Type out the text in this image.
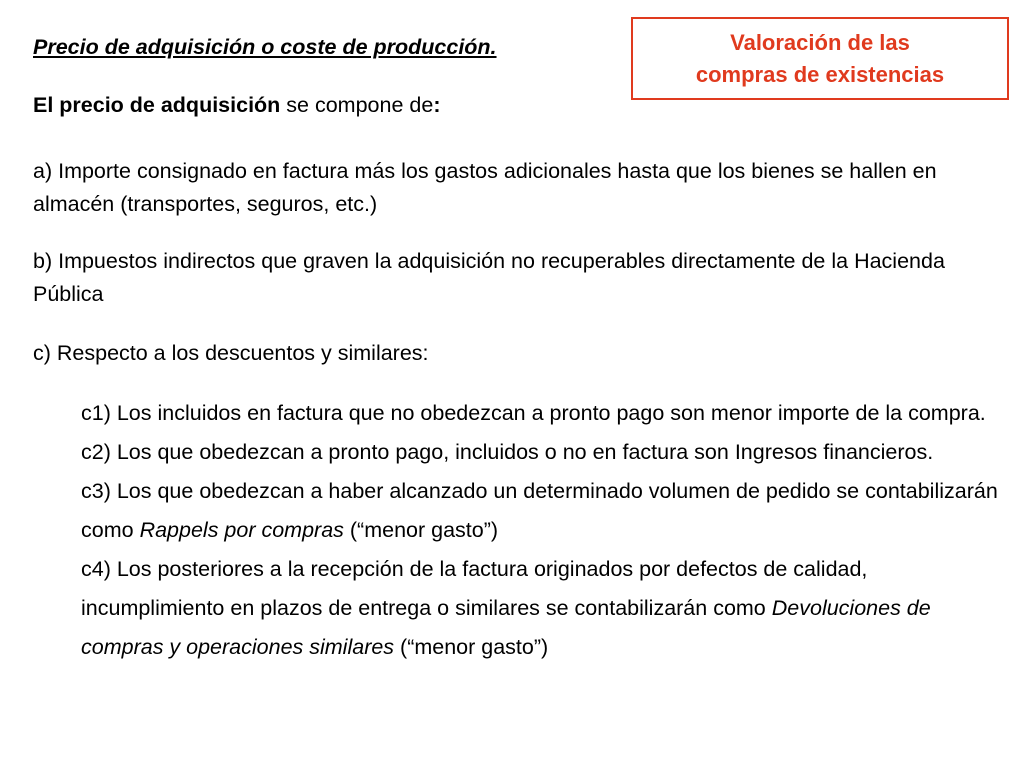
Precio de adquisición o coste de producción.	Valoración de las
compras de existencias
El precio de adquisición se compone de:
a) Importe consignado en factura más los gastos adicionales hasta que los bienes se hallen en almacén (transportes, seguros, etc.)
b) Impuestos indirectos que graven la adquisición no recuperables directamente de la Hacienda Pública
c) Respecto a los descuentos y similares:

c1) Los incluidos en factura que no obedezcan a pronto pago son menor importe de la compra.

c2) Los que obedezcan a pronto pago, incluidos o no en factura son Ingresos financieros.

c3) Los que obedezcan a haber alcanzado un determinado volumen de pedido se contabilizarán como Rappels por compras (“menor gasto”)

c4) Los posteriores a la recepción de la factura originados por defectos de calidad, incumplimiento en plazos de entrega o similares se contabilizarán como Devoluciones de compras y operaciones similares (“menor gasto”)
